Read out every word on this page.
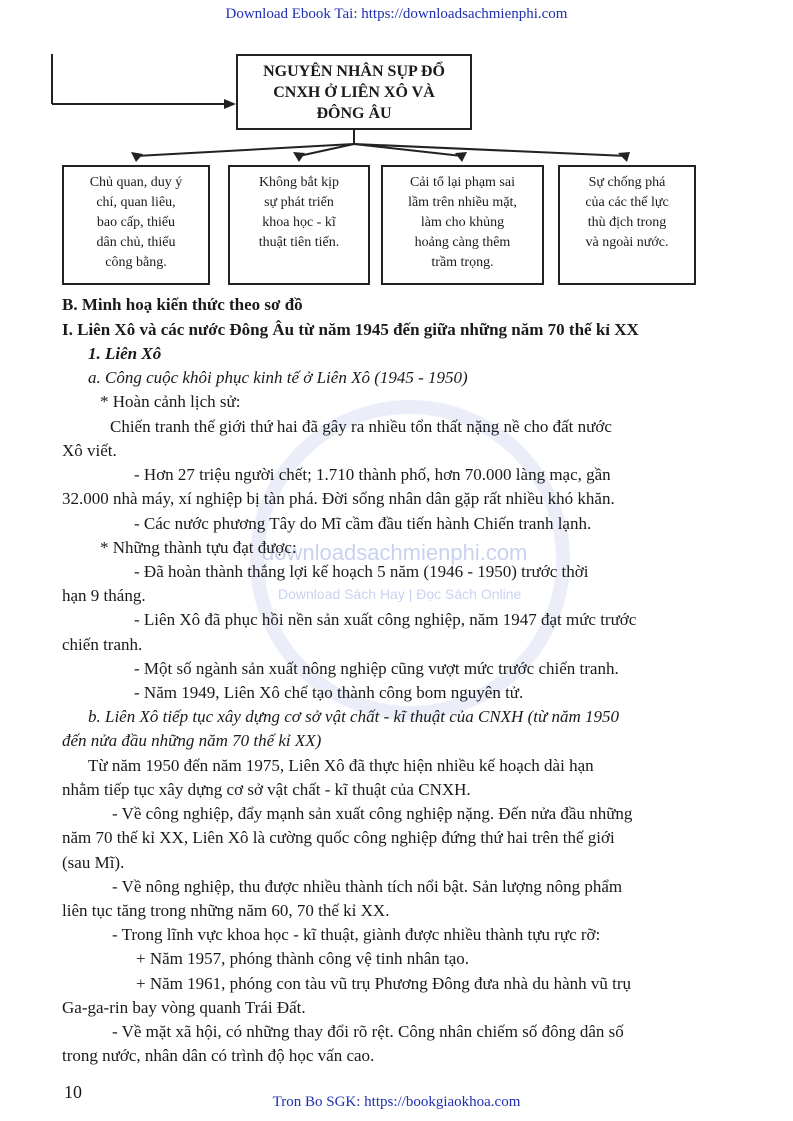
Download Ebook Tai: https://downloadsachmienphi.com
NGUYÊN NHÂN SỤP ĐỔ
CNXH Ở LIÊN XÔ VÀ
ĐÔNG ÂU
Chủ quan, duy ý
chí, quan liêu,
bao cấp, thiếu
dân chủ, thiếu
công bằng.
Không bắt kịp
sự phát triển
khoa học - kĩ
thuật tiên tiến.
Cải tổ lại phạm sai
lầm trên nhiều mặt,
làm cho khủng
hoảng càng thêm
trầm trọng.
Sự chống phá
của các thế lực
thù địch trong
và ngoài nước.
downloadsachmienphi.com
Download Sách Hay | Đọc Sách Online
B. Minh hoạ kiến thức theo sơ đồ
I. Liên Xô và các nước Đông Âu từ năm 1945 đến giữa những năm 70 thế kỉ XX
1. Liên Xô
a. Công cuộc khôi phục kinh tế ở Liên Xô (1945 - 1950)
* Hoàn cảnh lịch sử:
Chiến tranh thế giới thứ hai đã gây ra nhiều tổn thất nặng nề cho đất nước
Xô viết.
- Hơn 27 triệu người chết; 1.710 thành phố, hơn 70.000 làng mạc, gần
32.000 nhà máy, xí nghiệp bị tàn phá. Đời sống nhân dân gặp rất nhiều khó khăn.
- Các nước phương Tây do Mĩ cầm đầu tiến hành Chiến tranh lạnh.
* Những thành tựu đạt được:
- Đã hoàn thành thắng lợi kế hoạch 5 năm (1946 - 1950) trước thời
hạn 9 tháng.
- Liên Xô đã phục hồi nền sản xuất công nghiệp, năm 1947 đạt mức trước
chiến tranh.
- Một số ngành sản xuất nông nghiệp cũng vượt mức trước chiến tranh.
- Năm 1949, Liên Xô chế tạo thành công bom nguyên tử.
b. Liên Xô tiếp tục xây dựng cơ sở vật chất - kĩ thuật của CNXH (từ năm 1950
đến nửa đầu những năm 70 thế kỉ XX)
Từ năm 1950 đến năm 1975, Liên Xô đã thực hiện nhiều kế hoạch dài hạn
nhằm tiếp tục xây dựng cơ sở vật chất - kĩ thuật của CNXH.
- Về công nghiệp, đẩy mạnh sản xuất công nghiệp nặng. Đến nửa đầu những
năm 70 thế kỉ XX, Liên Xô là cường quốc công nghiệp đứng thứ hai trên thế giới
(sau Mĩ).
- Về nông nghiệp, thu được nhiều thành tích nổi bật. Sản lượng nông phẩm
liên tục tăng trong những năm 60, 70 thế kỉ XX.
- Trong lĩnh vực khoa học - kĩ thuật, giành được nhiều thành tựu rực rỡ:
+ Năm 1957, phóng thành công vệ tinh nhân tạo.
+ Năm 1961, phóng con tàu vũ trụ Phương Đông đưa nhà du hành vũ trụ
Ga-ga-rin bay vòng quanh Trái Đất.
- Về mặt xã hội, có những thay đổi rõ rệt. Công nhân chiếm số đông dân số
trong nước, nhân dân có trình độ học vấn cao.
10	Tron Bo SGK: https://bookgiaokhoa.com
